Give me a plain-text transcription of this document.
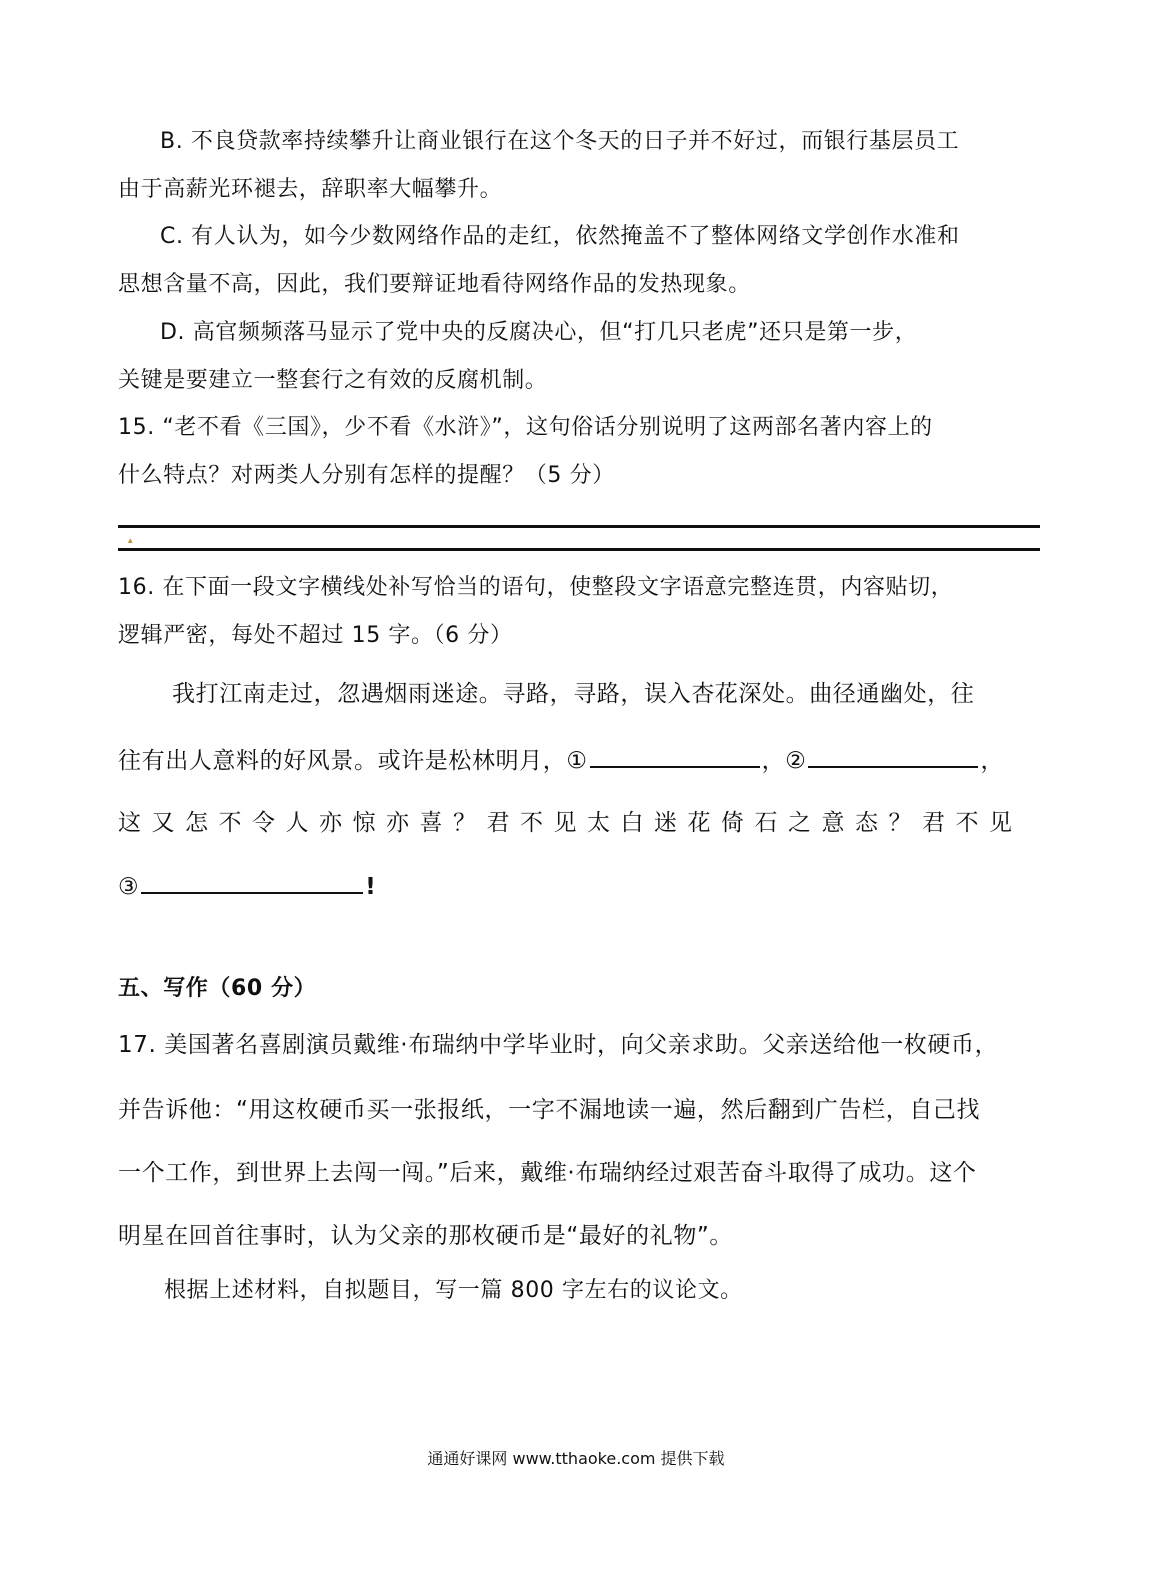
B. 不良贷款率持续攀升让商业银行在这个冬天的日子并不好过，而银行基层员工
由于高薪光环褪去，辞职率大幅攀升。
C. 有人认为，如今少数网络作品的走红，依然掩盖不了整体网络文学创作水准和
思想含量不高，因此，我们要辩证地看待网络作品的发热现象。
D. 高官频频落马显示了党中央的反腐决心，但“打几只老虎”还只是第一步，
关键是要建立一整套行之有效的反腐机制。
15. “老不看《三国》，少不看《水浒》”，这句俗话分别说明了这两部名著内容上的
什么特点？对两类人分别有怎样的提醒？（5 分）
▴
16. 在下面一段文字横线处补写恰当的语句，使整段文字语意完整连贯，内容贴切，
逻辑严密，每处不超过 15 字。（6 分）
我打江南走过，忽遇烟雨迷途。寻路，寻路，误入杏花深处。曲径通幽处，往
往有出人意料的好风景。或许是松林明月，①	，②	，
这又怎不令人亦惊亦喜？君不见太白迷花倚石之意态？君不见
③	!
五、写作（60 分）
17. 美国著名喜剧演员戴维·布瑞纳中学毕业时，向父亲求助。父亲送给他一枚硬币，
并告诉他：“用这枚硬币买一张报纸，一字不漏地读一遍，然后翻到广告栏，自己找
一个工作，到世界上去闯一闯。”后来，戴维·布瑞纳经过艰苦奋斗取得了成功。这个
明星在回首往事时，认为父亲的那枚硬币是“最好的礼物”。
根据上述材料，自拟题目，写一篇 800 字左右的议论文。
通通好课网 www.tthaoke.com 提供下载
